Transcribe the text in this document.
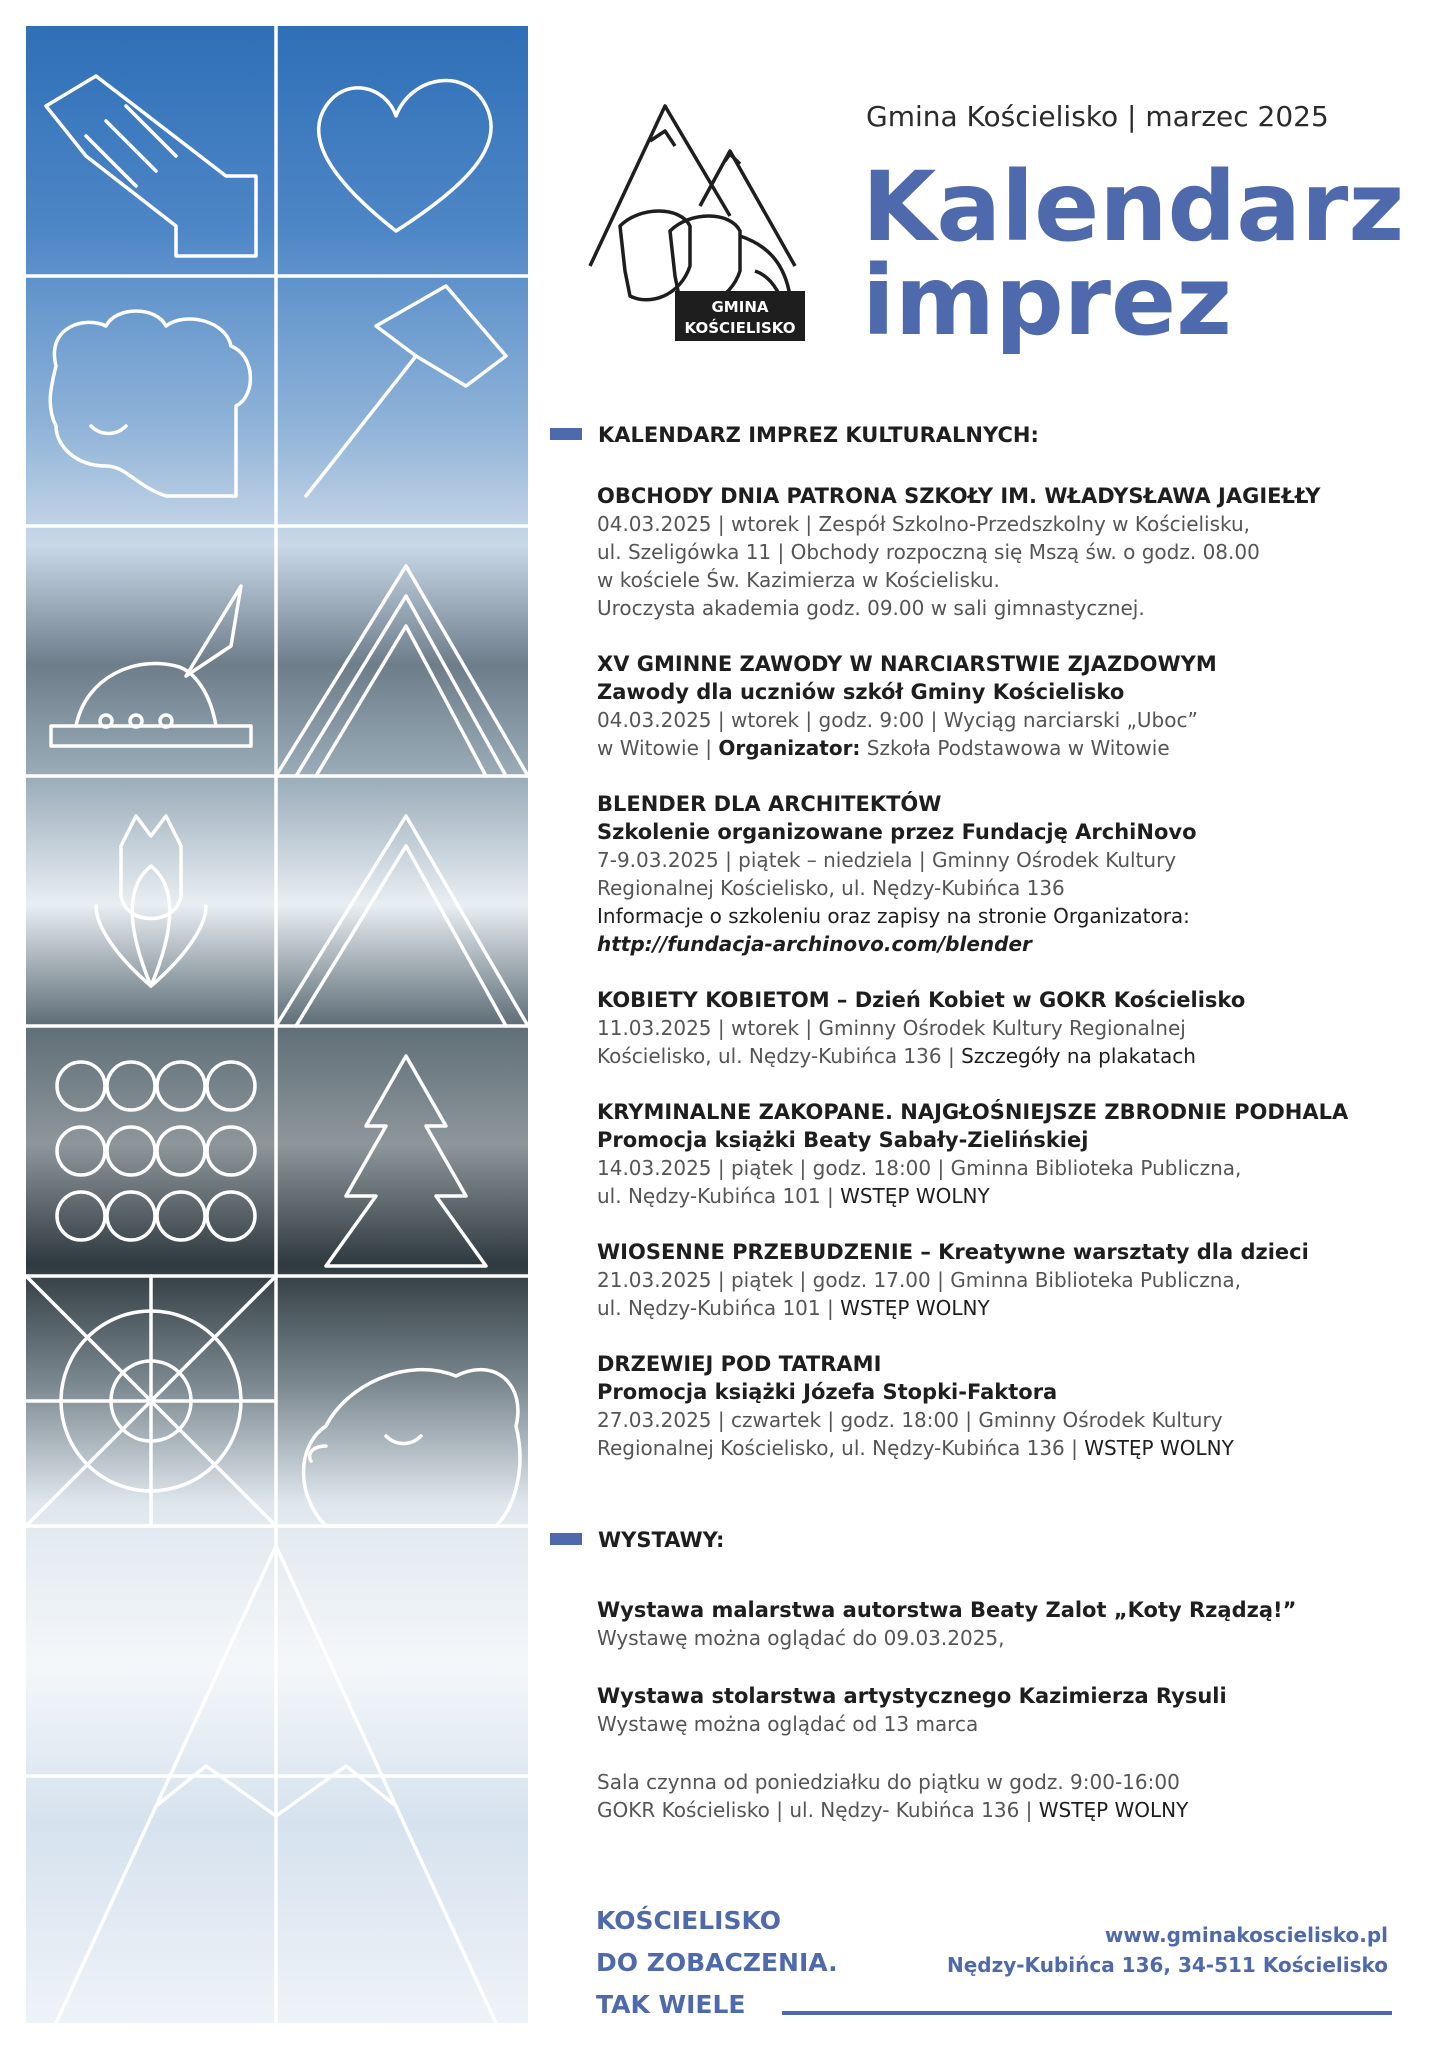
GMINA
KOŚCIELISKO
Gmina Kościelisko | marzec 2025
Kalendarz
imprez
KALENDARZ IMPREZ KULTURALNYCH:
OBCHODY DNIA PATRONA SZKOŁY IM. WŁADYSŁAWA JAGIEŁŁY
04.03.2025 | wtorek | Zespół Szkolno-Przedszkolny w Kościelisku,
ul. Szeligówka 11 | Obchody rozpoczną się Mszą św. o godz. 08.00
w kościele Św. Kazimierza w Kościelisku.
Uroczysta akademia godz. 09.00 w sali gimnastycznej.
XV GMINNE ZAWODY W NARCIARSTWIE ZJAZDOWYM
Zawody dla uczniów szkół Gminy Kościelisko
04.03.2025 | wtorek | godz. 9:00 | Wyciąg narciarski „Uboc”
w Witowie | Organizator: Szkoła Podstawowa w Witowie
BLENDER DLA ARCHITEKTÓW
Szkolenie organizowane przez Fundację ArchiNovo
7-9.03.2025 | piątek – niedziela | Gminny Ośrodek Kultury
Regionalnej Kościelisko, ul. Nędzy-Kubińca 136
Informacje o szkoleniu oraz zapisy na stronie Organizatora:
http://fundacja-archinovo.com/blender
KOBIETY KOBIETOM – Dzień Kobiet w GOKR Kościelisko
11.03.2025 | wtorek | Gminny Ośrodek Kultury Regionalnej
Kościelisko, ul. Nędzy-Kubińca 136 | Szczegóły na plakatach
KRYMINALNE ZAKOPANE. NAJGŁOŚNIEJSZE ZBRODNIE PODHALA
Promocja książki Beaty Sabały-Zielińskiej
14.03.2025 | piątek | godz. 18:00 | Gminna Biblioteka Publiczna,
ul. Nędzy-Kubińca 101 | WSTĘP WOLNY
WIOSENNE PRZEBUDZENIE – Kreatywne warsztaty dla dzieci
21.03.2025 | piątek | godz. 17.00 | Gminna Biblioteka Publiczna,
ul. Nędzy-Kubińca 101 | WSTĘP WOLNY
DRZEWIEJ POD TATRAMI
Promocja książki Józefa Stopki-Faktora
27.03.2025 | czwartek | godz. 18:00 | Gminny Ośrodek Kultury
Regionalnej Kościelisko, ul. Nędzy-Kubińca 136 | WSTĘP WOLNY
WYSTAWY:
Wystawa malarstwa autorstwa Beaty Zalot „Koty Rządzą!”
Wystawę można oglądać do 09.03.2025,
Wystawa stolarstwa artystycznego Kazimierza Rysuli
Wystawę można oglądać od 13 marca
Sala czynna od poniedziałku do piątku w godz. 9:00-16:00
GOKR Kościelisko | ul. Nędzy- Kubińca 136 | WSTĘP WOLNY
KOŚCIELISKO
DO ZOBACZENIA.
TAK WIELE
www.gminakoscielisko.pl
Nędzy-Kubińca 136, 34-511 Kościelisko
